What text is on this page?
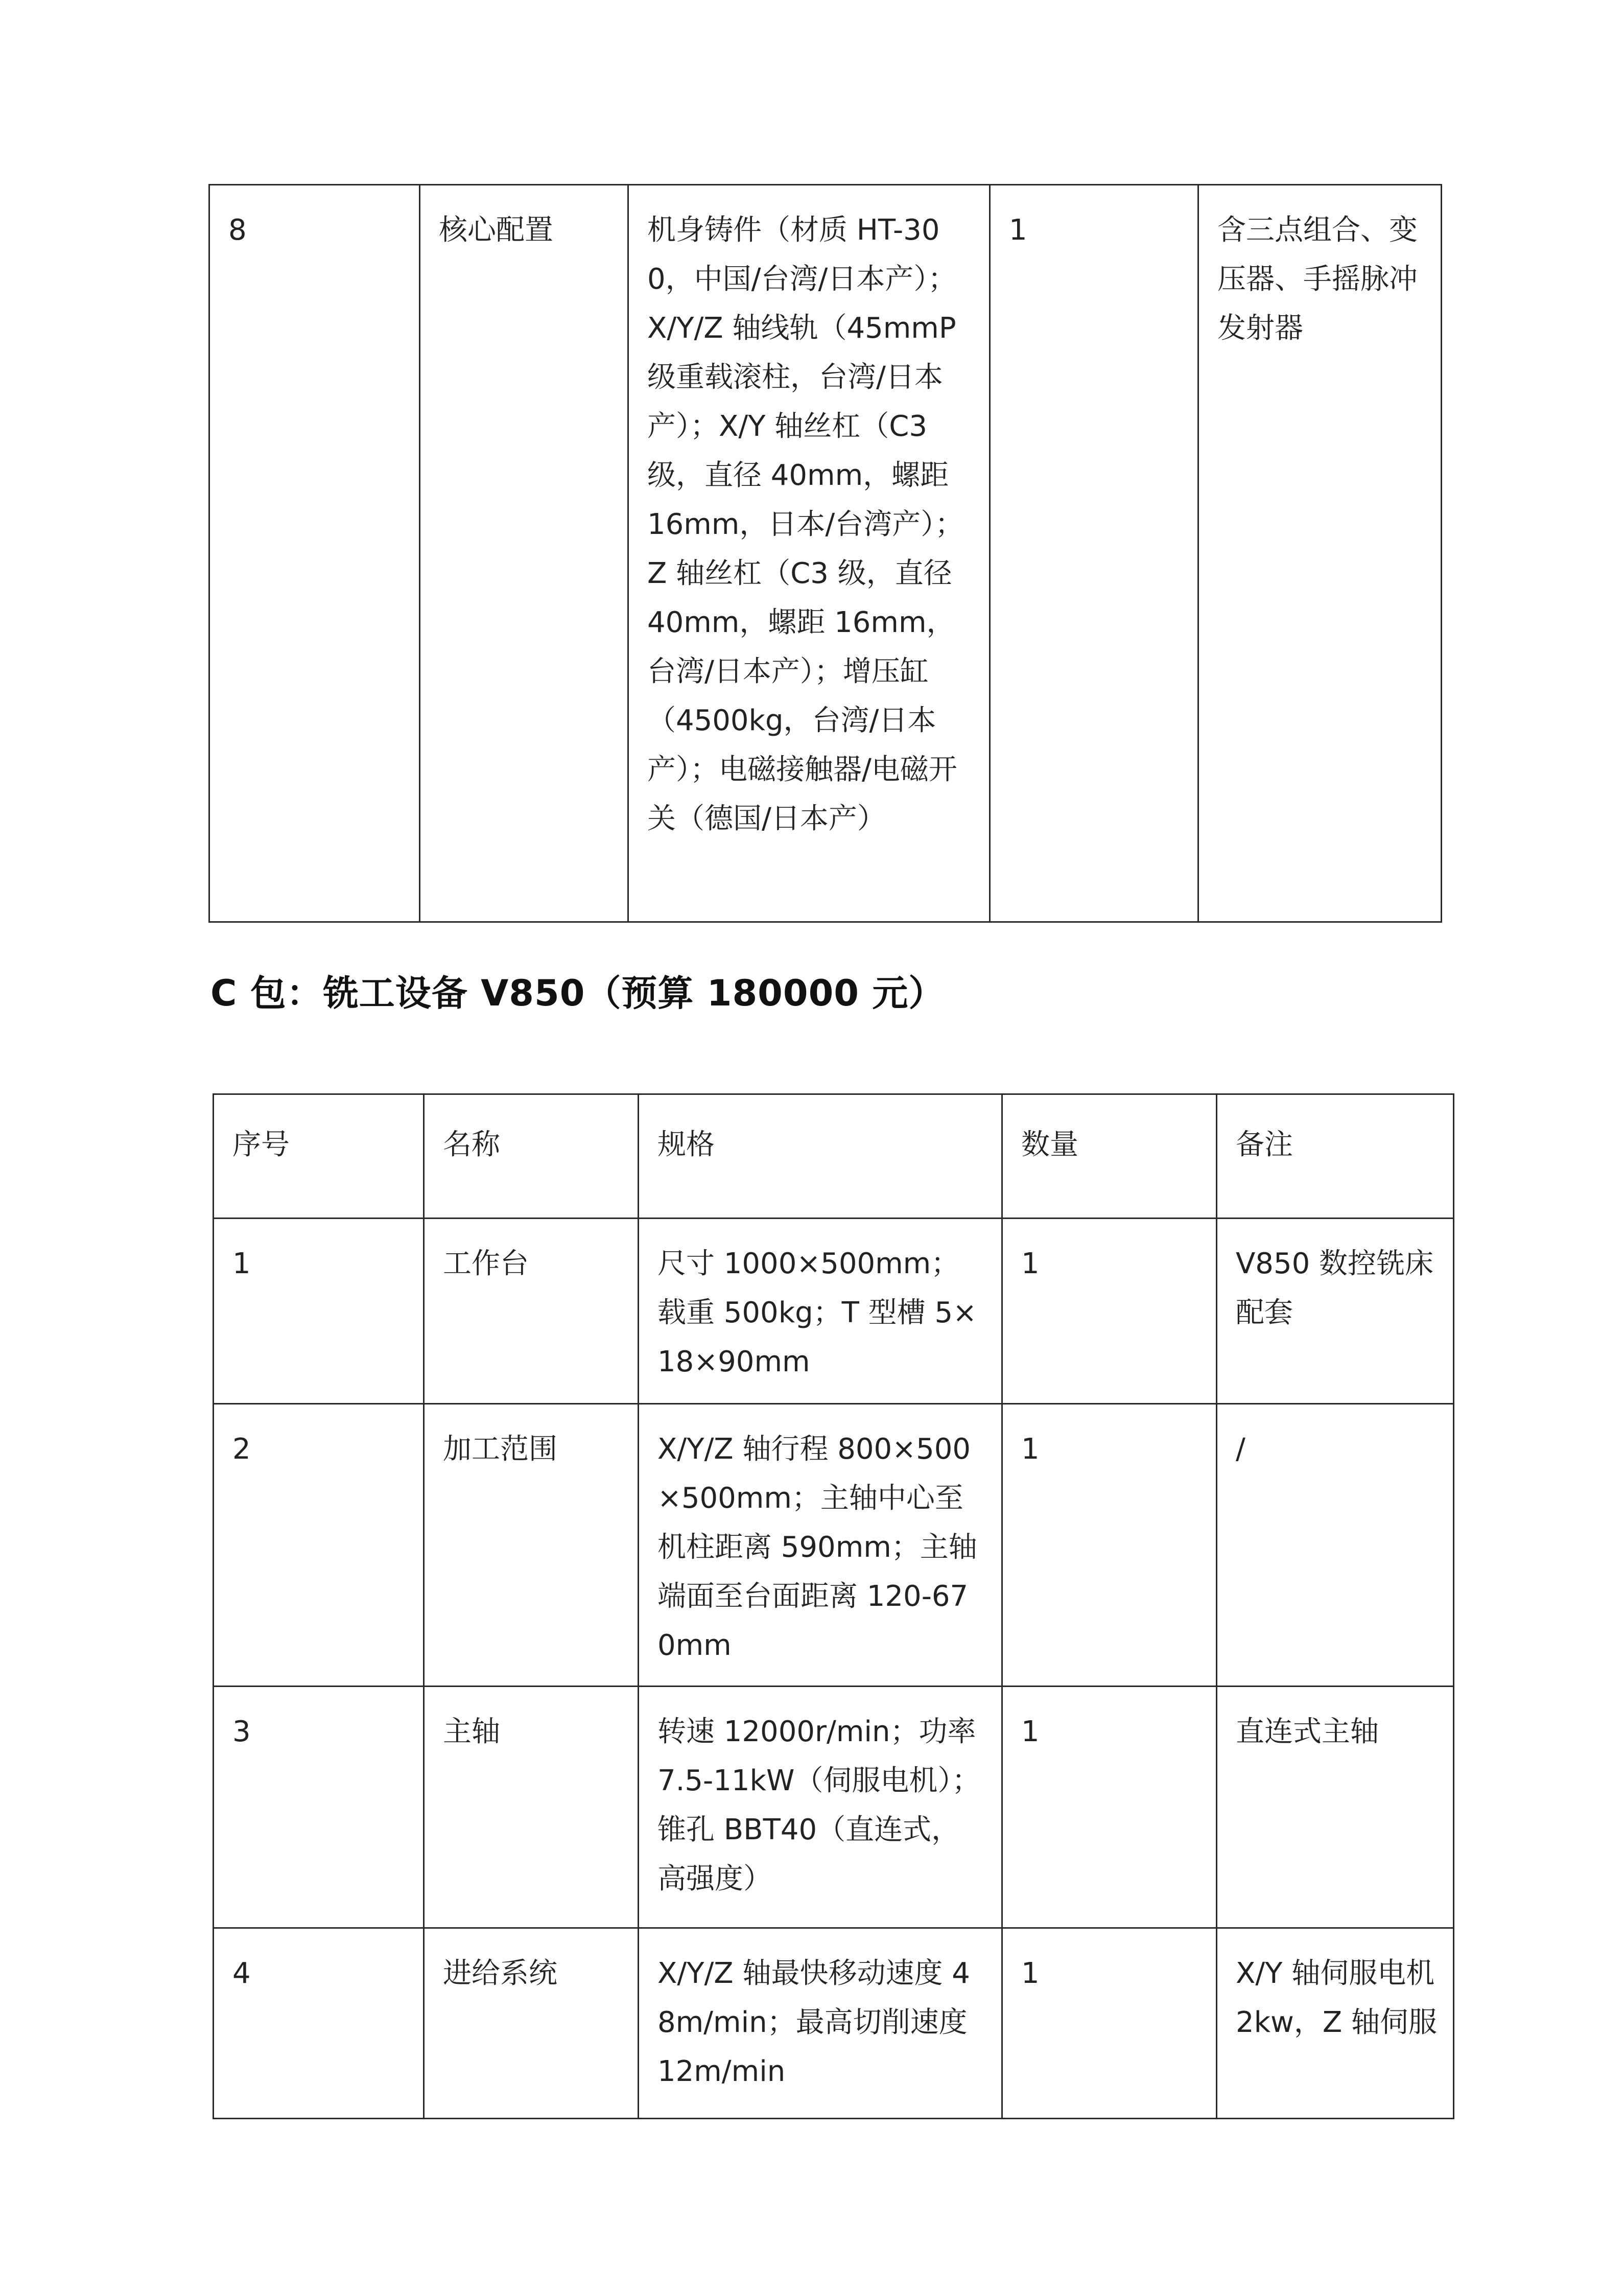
8	核心配置	机身铸件（材质 HT-300，中国/台湾/日本产）；X/Y/Z 轴线轨（45mmP 级重载滚柱，台湾/日本产）；X/Y 轴丝杠（C3 级，直径 40mm，螺距 16mm，日本/台湾产）；Z 轴丝杠（C3 级，直径 40mm，螺距 16mm，台湾/日本产）；增压缸（4500kg，台湾/日本产）；电磁接触器/电磁开关（德国/日本产）	1	含三点组合、变压器、手摇脉冲发射器
C 包：铣工设备 V850（预算 180000 元）
序号	名称	规格	数量	备注
1	工作台	尺寸 1000×500mm；载重 500kg；T 型槽 5×18×90mm	1	V850 数控铣床配套
2	加工范围	X/Y/Z 轴行程 800×500×500mm；主轴中心至机柱距离 590mm；主轴端面至台面距离 120-670mm	1	/
3	主轴	转速 12000r/min；功率 7.5-11kW（伺服电机）；锥孔 BBT40（直连式，高强度）	1	直连式主轴
4	进给系统	X/Y/Z 轴最快移动速度 48m/min；最高切削速度 12m/min	1	X/Y 轴伺服电机 2kw，Z 轴伺服
